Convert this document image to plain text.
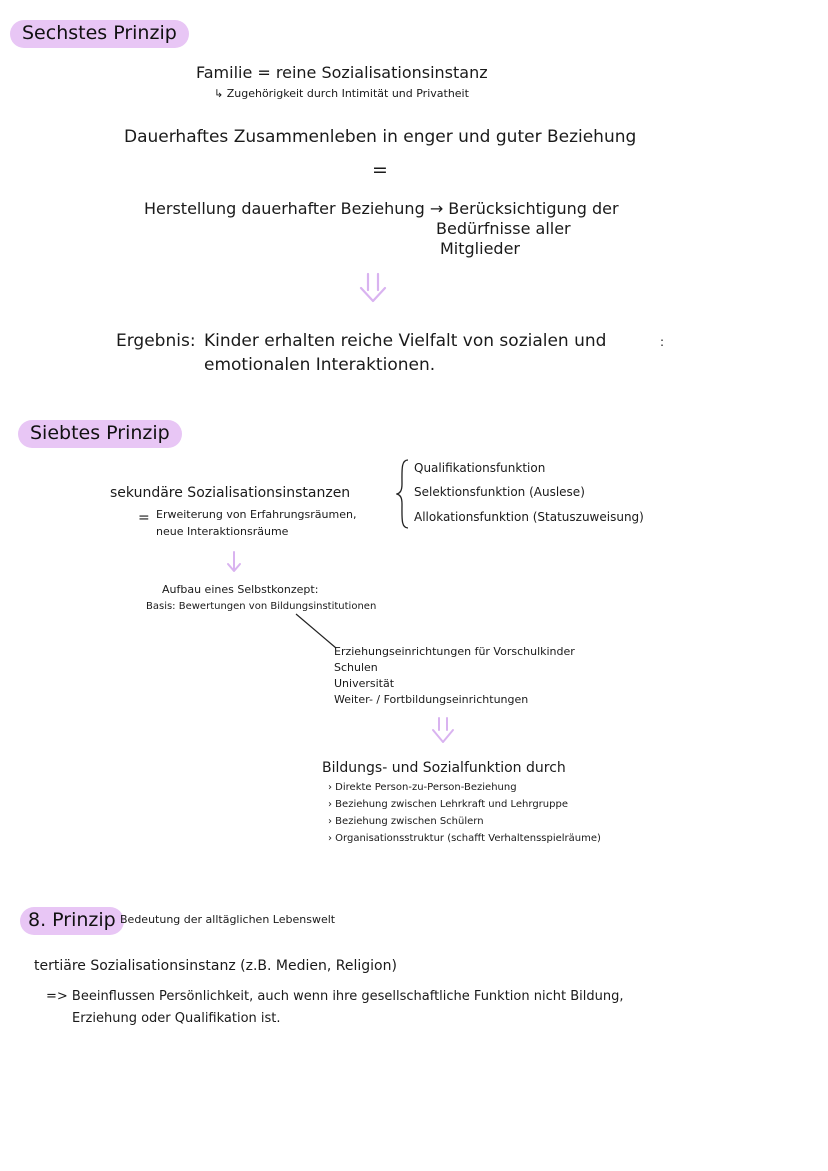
Sechstes Prinzip
Familie = reine Sozialisationsinstanz
↳ Zugehörigkeit durch Intimität und Privatheit
Dauerhaftes Zusammenleben in enger und guter Beziehung
=
Herstellung dauerhafter Beziehung → Berücksichtigung der
Bedürfnisse aller
Mitglieder
Ergebnis: Kinder erhalten reiche Vielfalt von sozialen und
emotionalen Interaktionen.
:
Siebtes Prinzip
sekundäre Sozialisationsinstanzen
Qualifikationsfunktion
Selektionsfunktion (Auslese)
Allokationsfunktion (Statuszuweisung)
= Erweiterung von Erfahrungsräumen,
neue Interaktionsräume
Aufbau eines Selbstkonzept:
Basis: Bewertungen von Bildungsinstitutionen
Erziehungseinrichtungen für Vorschulkinder
Schulen
Universität
Weiter- / Fortbildungseinrichtungen
Bildungs- und Sozialfunktion durch
› Direkte Person-zu-Person-Beziehung
› Beziehung zwischen Lehrkraft und Lehrgruppe
› Beziehung zwischen Schülern
› Organisationsstruktur (schafft Verhaltensspielräume)
8. Prinzip Bedeutung der alltäglichen Lebenswelt
tertiäre Sozialisationsinstanz (z.B. Medien, Religion)
=> Beeinflussen Persönlichkeit, auch wenn ihre gesellschaftliche Funktion nicht Bildung,
Erziehung oder Qualifikation ist.
